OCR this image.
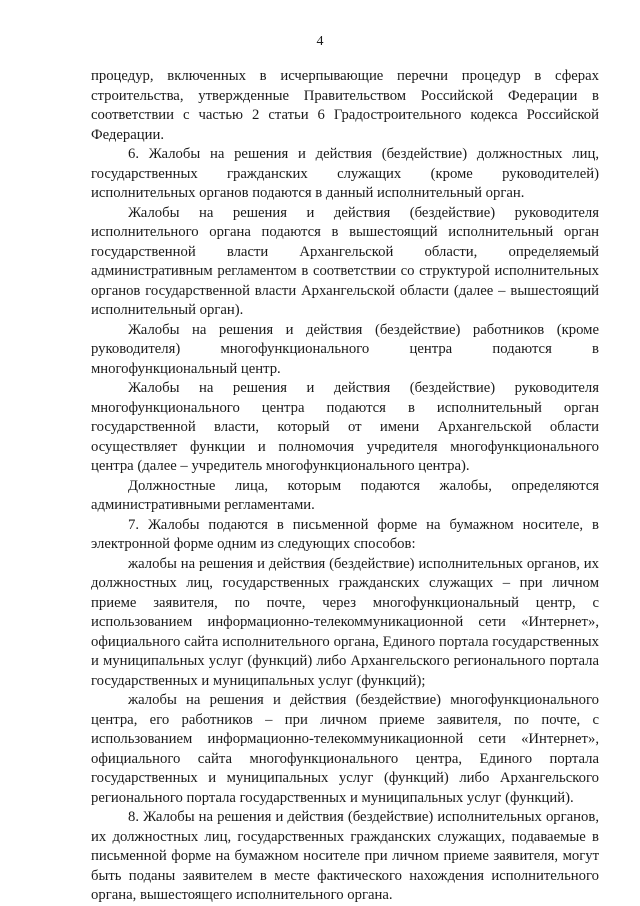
4

процедур, включенных в исчерпывающие перечни процедур в сферах строительства, утвержденные Правительством Российской Федерации в соответствии с частью 2 статьи 6 Градостроительного кодекса Российской Федерации.

6. Жалобы на решения и действия (бездействие) должностных лиц, государственных гражданских служащих (кроме руководителей) исполнительных органов подаются в данный исполнительный орган.

Жалобы на решения и действия (бездействие) руководителя исполнительного органа подаются в вышестоящий исполнительный орган государственной власти Архангельской области, определяемый административным регламентом в соответствии со структурой исполнительных органов государственной власти Архангельской области (далее – вышестоящий исполнительный орган).

Жалобы на решения и действия (бездействие) работников (кроме руководителя) многофункционального центра подаются в многофункциональный центр.

Жалобы на решения и действия (бездействие) руководителя многофункционального центра подаются в исполнительный орган государственной власти, который от имени Архангельской области осуществляет функции и полномочия учредителя многофункционального центра (далее – учредитель многофункционального центра).

Должностные лица, которым подаются жалобы, определяются административными регламентами.

7. Жалобы подаются в письменной форме на бумажном носителе, в электронной форме одним из следующих способов:

жалобы на решения и действия (бездействие) исполнительных органов, их должностных лиц, государственных гражданских служащих – при личном приеме заявителя, по почте, через многофункциональный центр, с использованием информационно-телекоммуникационной сети «Интернет», официального сайта исполнительного органа, Единого портала государственных и муниципальных услуг (функций) либо Архангельского регионального портала государственных и муниципальных услуг (функций);

жалобы на решения и действия (бездействие) многофункционального центра, его работников – при личном приеме заявителя, по почте, с использованием информационно-телекоммуникационной сети «Интернет», официального сайта многофункционального центра, Единого портала государственных и муниципальных услуг (функций) либо Архангельского регионального портала государственных и муниципальных услуг (функций).

8. Жалобы на решения и действия (бездействие) исполнительных органов, их должностных лиц, государственных гражданских служащих, подаваемые в письменной форме на бумажном носителе при личном приеме заявителя, могут быть поданы заявителем в месте фактического нахождения исполнительного органа, вышестоящего исполнительного органа.
